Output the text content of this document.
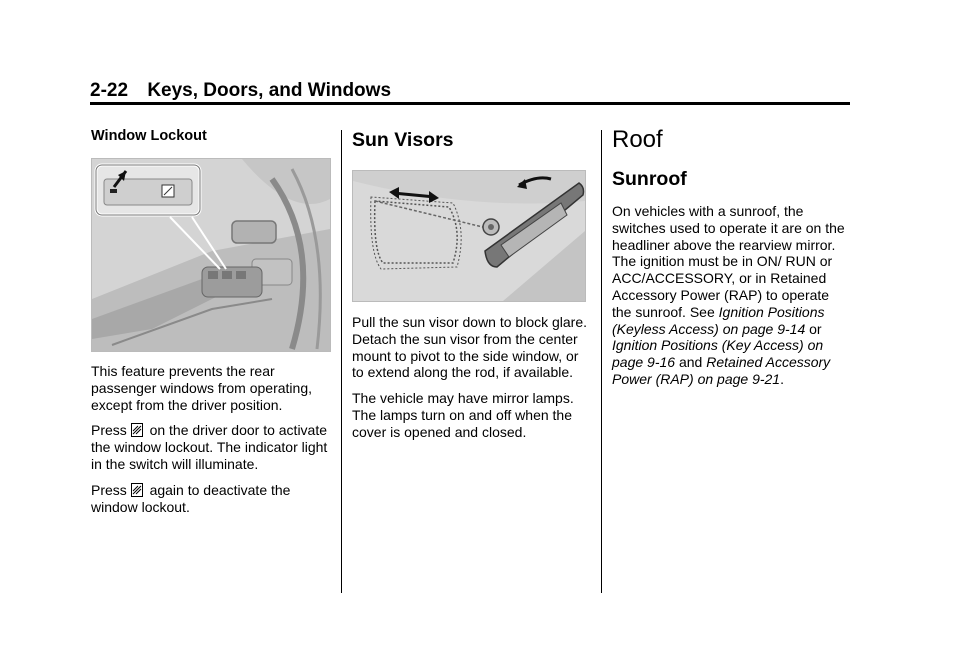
2-22 Keys, Doors, and Windows
Window Lockout

This feature prevents the rear passenger windows from operating, except from the driver position.

Press on the driver door to activate the window lockout. The indicator light in the switch will illuminate.

Press again to deactivate the window lockout.

Sun Visors

Pull the sun visor down to block glare. Detach the sun visor from the center mount to pivot to the side window, or to extend along the rod, if available.

The vehicle may have mirror lamps. The lamps turn on and off when the cover is opened and closed.

Roof
Sunroof

On vehicles with a sunroof, the switches used to operate it are on the headliner above the rearview mirror. The ignition must be in ON/ RUN or ACC/ACCESSORY, or in Retained Accessory Power (RAP) to operate the sunroof. See Ignition Positions (Keyless Access) on page 9-14 or Ignition Positions (Key Access) on page 9-16 and Retained Accessory Power (RAP) on page 9-21.
